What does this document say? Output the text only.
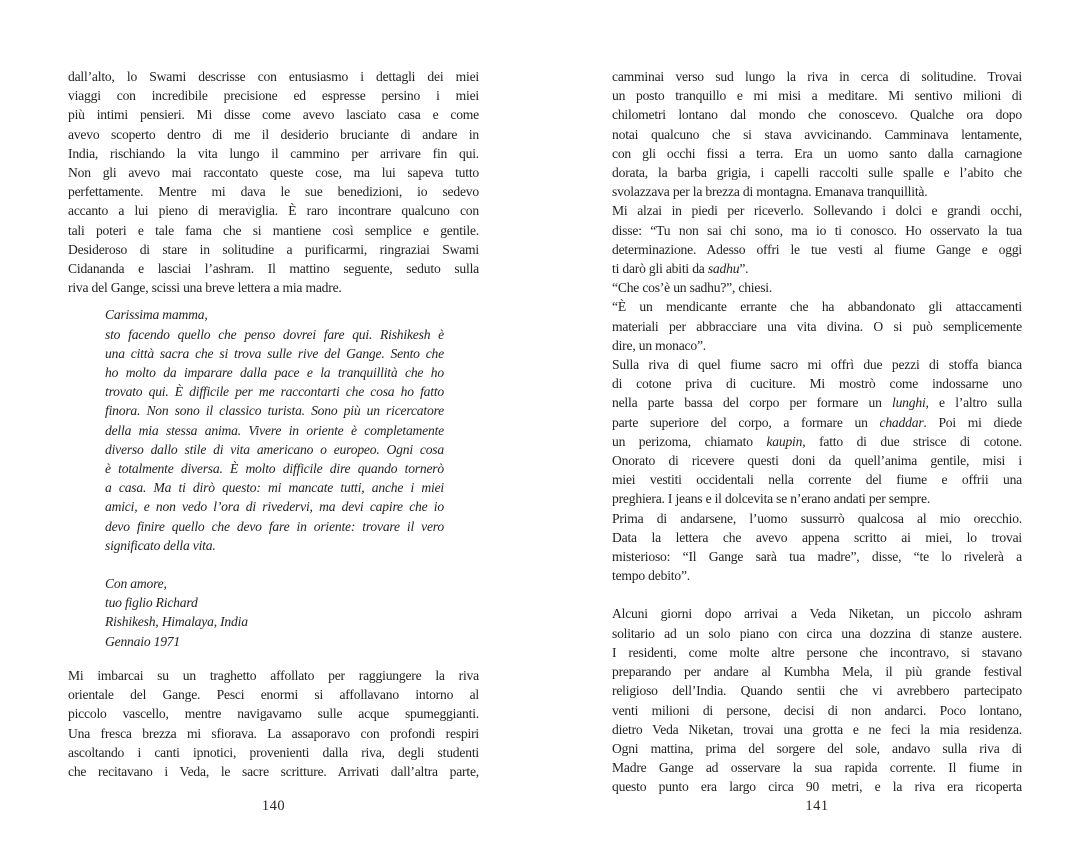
dall’alto, lo Swami descrisse con entusiasmo i dettagli dei miei
viaggi con incredibile precisione ed espresse persino i miei
più intimi pensieri. Mi disse come avevo lasciato casa e come
avevo scoperto dentro di me il desiderio bruciante di andare in
India, rischiando la vita lungo il cammino per arrivare fin qui.
Non gli avevo mai raccontato queste cose, ma lui sapeva tutto
perfettamente. Mentre mi dava le sue benedizioni, io sedevo
accanto a lui pieno di meraviglia. È raro incontrare qualcuno con
tali poteri e tale fama che si mantiene così semplice e gentile.
Desideroso di stare in solitudine a purificarmi, ringraziai Swami
Cidananda e lasciai l’ashram. Il mattino seguente, seduto sulla
riva del Gange, scissi una breve lettera a mia madre.
Carissima mamma,
sto facendo quello che penso dovrei fare qui. Rishikesh è
una città sacra che si trova sulle rive del Gange. Sento che
ho molto da imparare dalla pace e la tranquillità che ho
trovato qui. È difficile per me raccontarti che cosa ho fatto
finora. Non sono il classico turista. Sono più un ricercatore
della mia stessa anima. Vivere in oriente è completamente
diverso dallo stile di vita americano o europeo. Ogni cosa
è totalmente diversa. È molto difficile dire quando tornerò
a casa. Ma ti dirò questo: mi mancate tutti, anche i miei
amici, e non vedo l’ora di rivedervi, ma devi capire che io
devo finire quello che devo fare in oriente: trovare il vero
significato della vita.
Con amore,
tuo figlio Richard
Rishikesh, Himalaya, India
Gennaio 1971
Mi imbarcai su un traghetto affollato per raggiungere la riva
orientale del Gange. Pesci enormi si affollavano intorno al
piccolo vascello, mentre navigavamo sulle acque spumeggianti.
Una fresca brezza mi sfiorava. La assaporavo con profondi respiri
ascoltando i canti ipnotici, provenienti dalla riva, degli studenti
che recitavano i Veda, le sacre scritture. Arrivati dall’altra parte,
camminai verso sud lungo la riva in cerca di solitudine. Trovai
un posto tranquillo e mi misi a meditare. Mi sentivo milioni di
chilometri lontano dal mondo che conoscevo. Qualche ora dopo
notai qualcuno che si stava avvicinando. Camminava lentamente,
con gli occhi fissi a terra. Era un uomo santo dalla carnagione
dorata, la barba grigia, i capelli raccolti sulle spalle e l’abito che
svolazzava per la brezza di montagna. Emanava tranquillità.
Mi alzai in piedi per riceverlo. Sollevando i dolci e grandi occhi,
disse: “Tu non sai chi sono, ma io ti conosco. Ho osservato la tua
determinazione. Adesso offri le tue vesti al fiume Gange e oggi
ti darò gli abiti da sadhu”.
“Che cos’è un sadhu?”, chiesi.
“È un mendicante errante che ha abbandonato gli attaccamenti
materiali per abbracciare una vita divina. O si può semplicemente
dire, un monaco”.
Sulla riva di quel fiume sacro mi offrì due pezzi di stoffa bianca
di cotone priva di cuciture. Mi mostrò come indossarne uno
nella parte bassa del corpo per formare un lunghi, e l’altro sulla
parte superiore del corpo, a formare un chaddar. Poi mi diede
un perizoma, chiamato kaupin, fatto di due strisce di cotone.
Onorato di ricevere questi doni da quell’anima gentile, misi i
miei vestiti occidentali nella corrente del fiume e offrii una
preghiera. I jeans e il dolcevita se n’erano andati per sempre.
Prima di andarsene, l’uomo sussurrò qualcosa al mio orecchio.
Data la lettera che avevo appena scritto ai miei, lo trovai
misterioso: “Il Gange sarà tua madre”, disse, “te lo rivelerà a
tempo debito”.
Alcuni giorni dopo arrivai a Veda Niketan, un piccolo ashram
solitario ad un solo piano con circa una dozzina di stanze austere.
I residenti, come molte altre persone che incontravo, si stavano
preparando per andare al Kumbha Mela, il più grande festival
religioso dell’India. Quando sentii che vi avrebbero partecipato
venti milioni di persone, decisi di non andarci. Poco lontano,
dietro Veda Niketan, trovai una grotta e ne feci la mia residenza.
Ogni mattina, prima del sorgere del sole, andavo sulla riva di
Madre Gange ad osservare la sua rapida corrente. Il fiume in
questo punto era largo circa 90 metri, e la riva era ricoperta
140	141
